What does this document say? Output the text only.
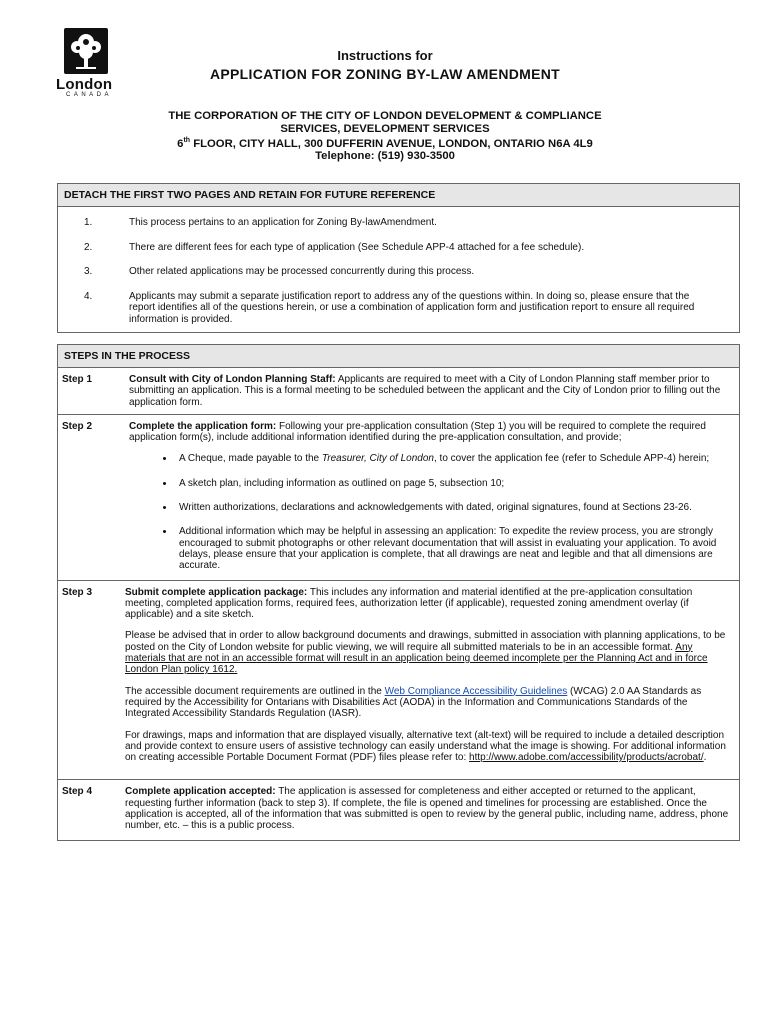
London
CANADA
Instructions for
APPLICATION FOR ZONING BY-LAW AMENDMENT
THE CORPORATION OF THE CITY OF LONDON DEVELOPMENT & COMPLIANCE
SERVICES, DEVELOPMENT SERVICES
6th FLOOR, CITY HALL, 300 DUFFERIN AVENUE, LONDON, ONTARIO N6A 4L9
Telephone: (519) 930-3500
DETACH THE FIRST TWO PAGES AND RETAIN FOR FUTURE REFERENCE
1.	This process pertains to an application for Zoning By-lawAmendment.
2.	There are different fees for each type of application (See Schedule APP-4 attached for a fee schedule).
3.	Other related applications may be processed concurrently during this process.
4.	Applicants may submit a separate justification report to address any of the questions within. In doing so, please ensure that the report identifies all of the questions herein, or use a combination of application form and justification report to ensure all required information is provided.
STEPS IN THE PROCESS
Step 1	Consult with City of London Planning Staff: Applicants are required to meet with a City of London Planning staff member prior to submitting an application. This is a formal meeting to be scheduled between the applicant and the City of London prior to filling out the application form.
Step 2	Complete the application form: Following your pre-application consultation (Step 1) you will be required to complete the required application form(s), include additional information identified during the pre-application consultation, and provide;
• A Cheque, made payable to the Treasurer, City of London, to cover the application fee (refer to Schedule APP-4) herein;
• A sketch plan, including information as outlined on page 5, subsection 10;
• Written authorizations, declarations and acknowledgements with dated, original signatures, found at Sections 23-26.
• Additional information which may be helpful in assessing an application: To expedite the review process, you are strongly encouraged to submit photographs or other relevant documentation that will assist in evaluating your application. To avoid delays, please ensure that your application is complete, that all drawings are neat and legible and that all dimensions are accurate.
Step 3	Submit complete application package: This includes any information and material identified at the pre-application consultation meeting, completed application forms, required fees, authorization letter (if applicable), requested zoning amendment overlay (if applicable) and a site sketch.
Please be advised that in order to allow background documents and drawings, submitted in association with planning applications, to be posted on the City of London website for public viewing, we will require all submitted materials to be in an accessible format. Any materials that are not in an accessible format will result in an application being deemed incomplete per the Planning Act and in force London Plan policy 1612.
The accessible document requirements are outlined in the Web Compliance Accessibility Guidelines (WCAG) 2.0 AA Standards as required by the Accessibility for Ontarians with Disabilities Act (AODA) in the Information and Communications Standards of the Integrated Accessibility Standards Regulation (IASR).
For drawings, maps and information that are displayed visually, alternative text (alt-text) will be required to include a detailed description and provide context to ensure users of assistive technology can easily understand what the image is showing. For additional information on creating accessible Portable Document Format (PDF) files please refer to: http://www.adobe.com/accessibility/products/acrobat/.
Step 4	Complete application accepted: The application is assessed for completeness and either accepted or returned to the applicant, requesting further information (back to step 3). If complete, the file is opened and timelines for processing are established. Once the application is accepted, all of the information that was submitted is open to review by the general public, including name, address, phone number, etc. – this is a public process.
